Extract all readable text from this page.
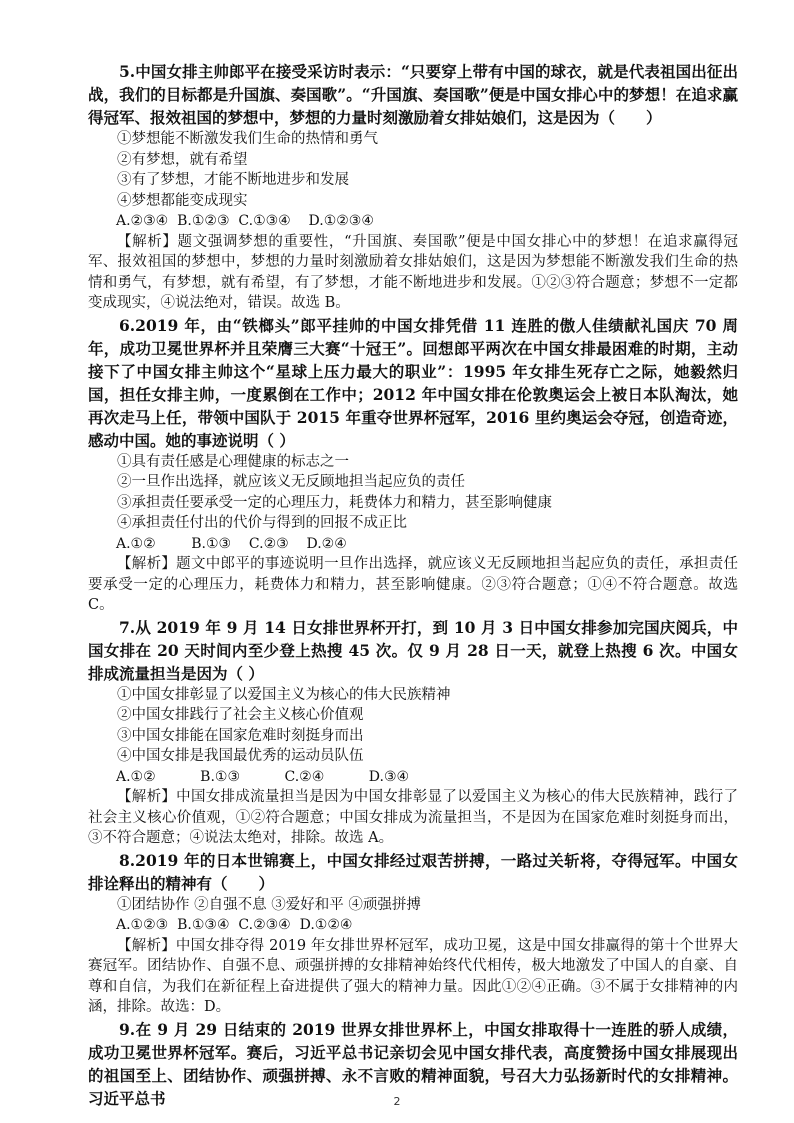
5.中国女排主帅郎平在接受采访时表示：“只要穿上带有中国的球衣，就是代表祖国出征出战，我们的目标都是升国旗、奏国歌”。“升国旗、奏国歌”便是中国女排心中的梦想！在追求赢得冠军、报效祖国的梦想中，梦想的力量时刻激励着女排姑娘们，这是因为（　　）

①梦想能不断激发我们生命的热情和勇气

②有梦想，就有希望

③有了梦想，才能不断地进步和发展

④梦想都能变成现实

A.②③④  B.①②③  C.①③④    D.①②③④

【解析】题文强调梦想的重要性，“升国旗、奏国歌”便是中国女排心中的梦想！在追求赢得冠军、报效祖国的梦想中，梦想的力量时刻激励着女排姑娘们，这是因为梦想能不断激发我们生命的热情和勇气，有梦想，就有希望，有了梦想，才能不断地进步和发展。①②③符合题意；梦想不一定都变成现实，④说法绝对，错误。故选 B。

6.2019 年，由“铁榔头”郎平挂帅的中国女排凭借 11 连胜的傲人佳绩献礼国庆 70 周年，成功卫冕世界杯并且荣膺三大赛“十冠王”。回想郎平两次在中国女排最困难的时期，主动接下了中国女排主帅这个“星球上压力最大的职业”：1995 年女排生死存亡之际，她毅然归国，担任女排主帅，一度累倒在工作中；2012 年中国女排在伦敦奥运会上被日本队淘汰，她再次走马上任，带领中国队于 2015 年重夺世界杯冠军，2016 里约奥运会夺冠，创造奇迹，感动中国。她的事迹说明（ ）

①具有责任感是心理健康的标志之一

②一旦作出选择，就应该义无反顾地担当起应负的责任

③承担责任要承受一定的心理压力，耗费体力和精力，甚至影响健康

④承担责任付出的代价与得到的回报不成正比

A.①②        B.①③    C.②③    D.②④

【解析】题文中郎平的事迹说明一旦作出选择，就应该义无反顾地担当起应负的责任，承担责任要承受一定的心理压力，耗费体力和精力，甚至影响健康。②③符合题意；①④不符合题意。故选 C。

7.从 2019 年 9 月 14 日女排世界杯开打，到 10 月 3 日中国女排参加完国庆阅兵，中国女排在 20 天时间内至少登上热搜 45 次。仅 9 月 28 日一天，就登上热搜 6 次。中国女排成流量担当是因为（ ）

①中国女排彰显了以爱国主义为核心的伟大民族精神

②中国女排践行了社会主义核心价值观

③中国女排能在国家危难时刻挺身而出

④中国女排是我国最优秀的运动员队伍

A.①②          B.①③          C.②④          D.③④

【解析】中国女排成流量担当是因为中国女排彰显了以爱国主义为核心的伟大民族精神，践行了社会主义核心价值观，①②符合题意；中国女排成为流量担当，不是因为在国家危难时刻挺身而出，③不符合题意；④说法太绝对，排除。故选 A。

8.2019 年的日本世锦赛上，中国女排经过艰苦拼搏，一路过关斩将，夺得冠军。中国女排诠释出的精神有（　　）

①团结协作 ②自强不息 ③爱好和平 ④顽强拼搏

A.①②③  B.①③④  C.②③④  D.①②④

【解析】中国女排夺得 2019 年女排世界杯冠军，成功卫冕，这是中国女排赢得的第十个世界大赛冠军。团结协作、自强不息、顽强拼搏的女排精神始终代代相传，极大地激发了中国人的自豪、自尊和自信，为我们在新征程上奋进提供了强大的精神力量。因此①②④正确。③不属于女排精神的内涵，排除。故选：D。

9.在 9 月 29 日结束的 2019 世界女排世界杯上，中国女排取得十一连胜的骄人成绩，成功卫冕世界杯冠军。赛后，习近平总书记亲切会见中国女排代表，高度赞扬中国女排展现出的祖国至上、团结协作、顽强拼搏、永不言败的精神面貌，号召大力弘扬新时代的女排精神。习近平总书	2
